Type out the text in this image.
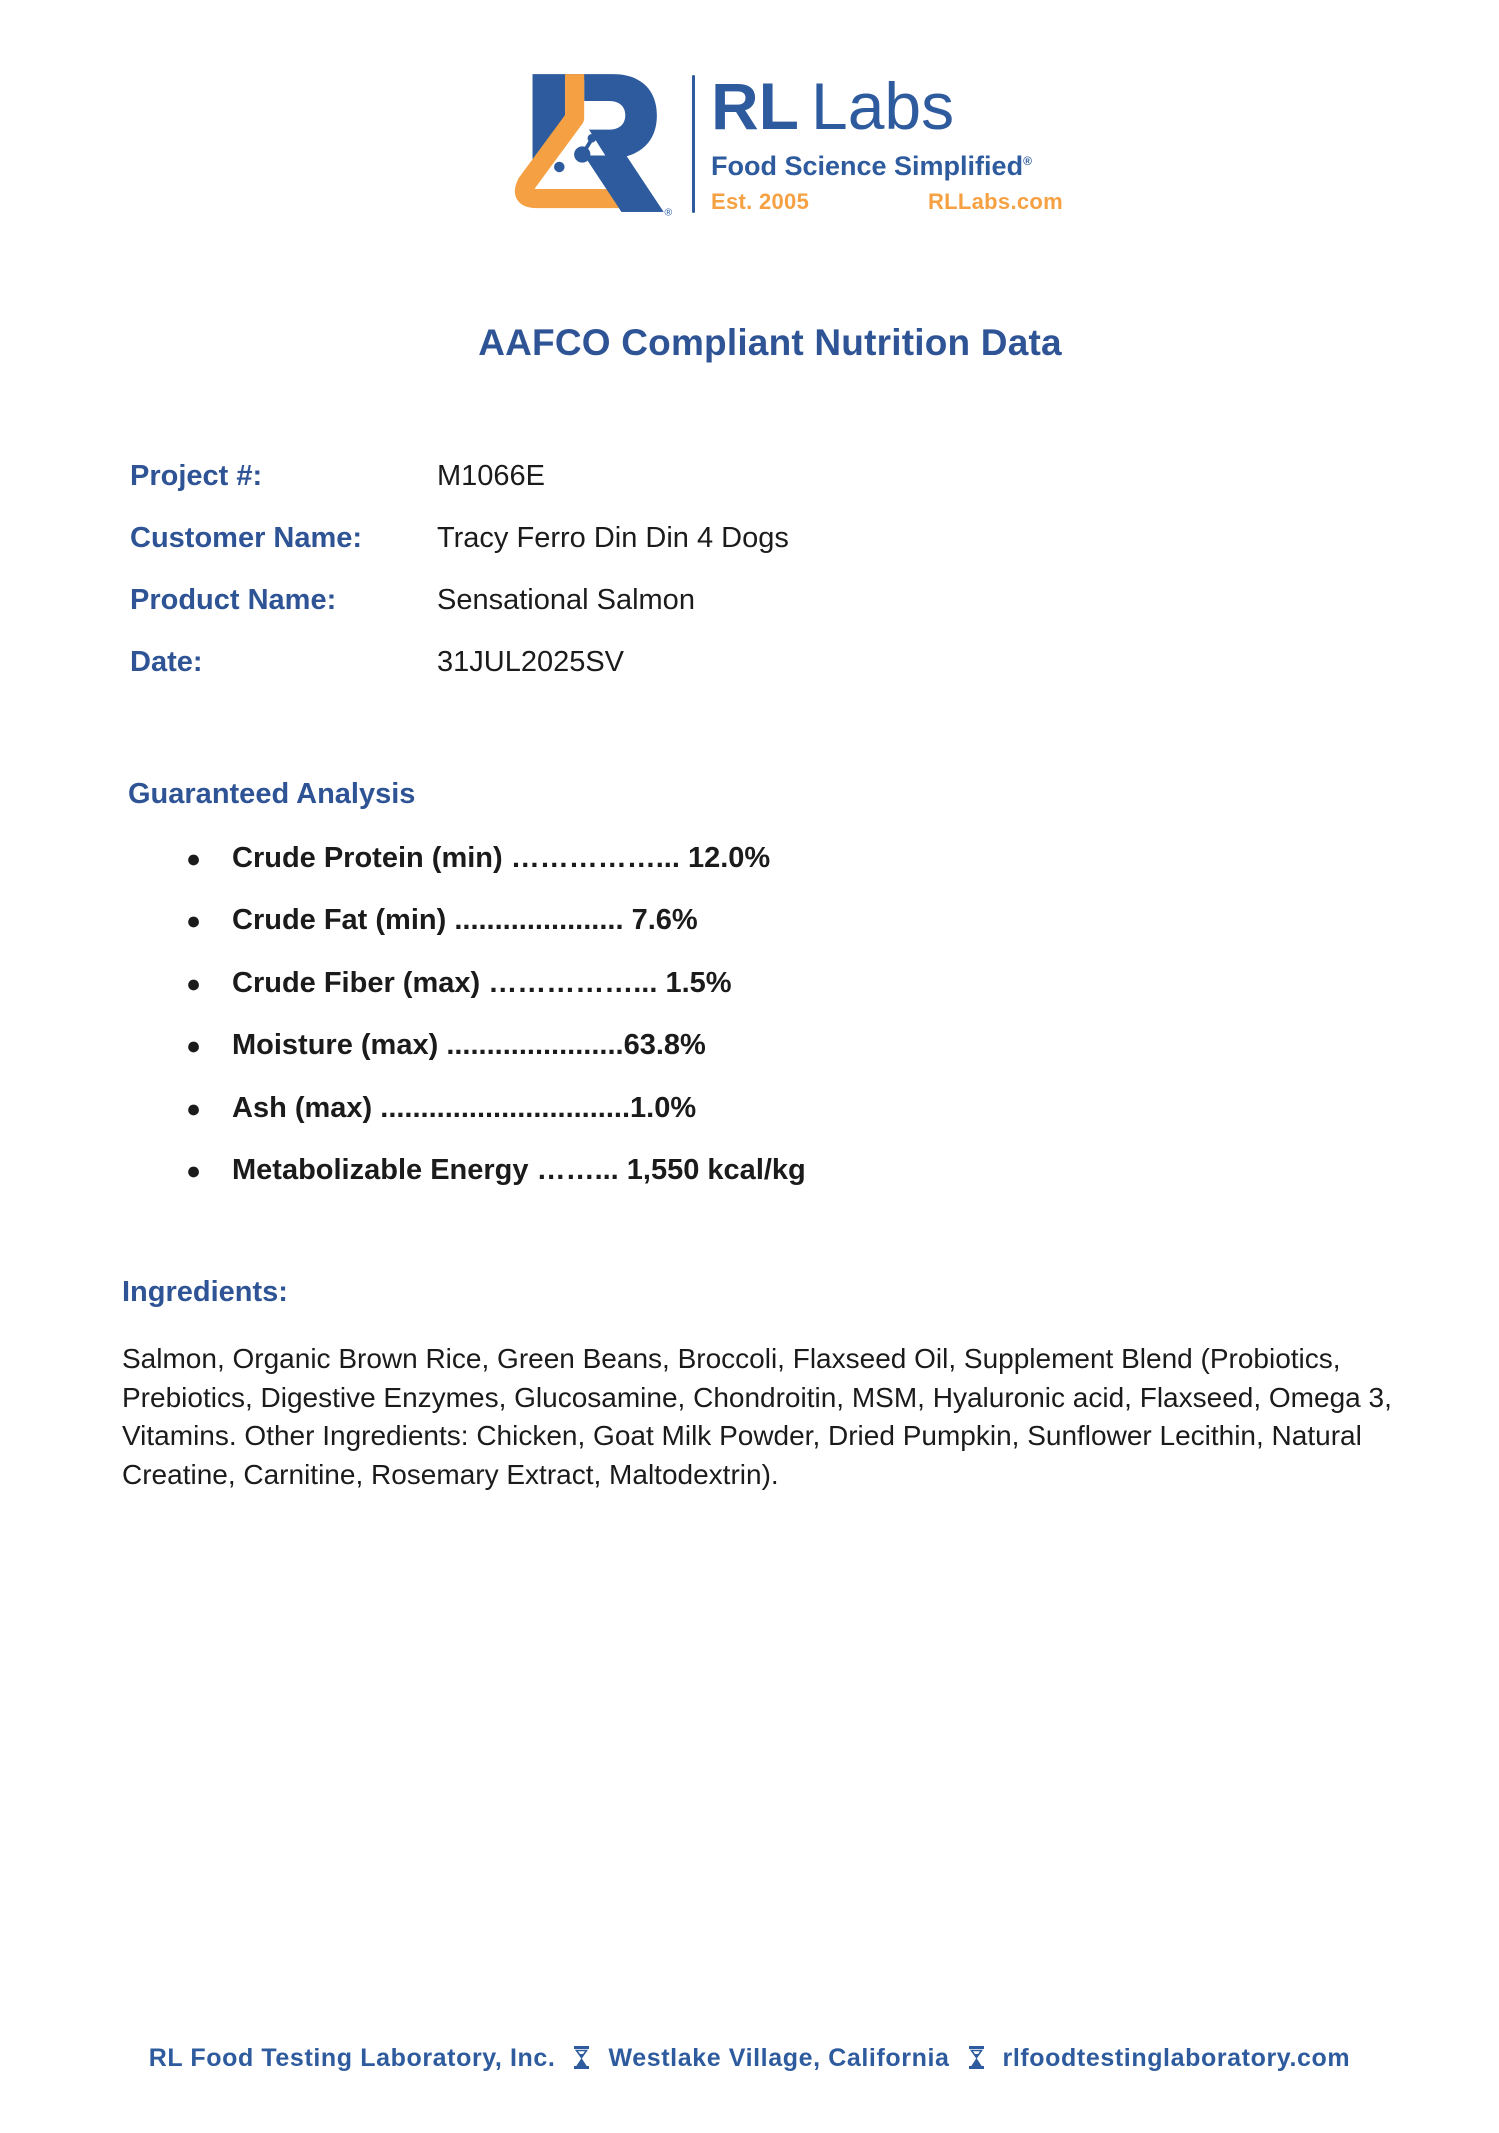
®
RL Labs
Food Science Simplified®
Est. 2005	RLLabs.com
AAFCO Compliant Nutrition Data
Project #:	M1066E
Customer Name:	Tracy Ferro Din Din 4 Dogs
Product Name:	Sensational Salmon
Date:	31JUL2025SV
Guaranteed Analysis
●	Crude Protein (min) ……………... 12.0%
●	Crude Fat (min) ..................... 7.6%
●	Crude Fiber (max) ……………... 1.5%
●	Moisture (max) ......................63.8%
●	Ash (max) ...............................1.0%
●	Metabolizable Energy ……... 1,550 kcal/kg
Ingredients:
Salmon, Organic Brown Rice, Green Beans, Broccoli, Flaxseed Oil, Supplement Blend (Probiotics, Prebiotics, Digestive Enzymes, Glucosamine, Chondroitin, MSM, Hyaluronic acid, Flaxseed, Omega 3, Vitamins. Other Ingredients: Chicken, Goat Milk Powder, Dried Pumpkin, Sunflower Lecithin, Natural Creatine, Carnitine, Rosemary Extract, Maltodextrin).
RL Food Testing Laboratory, Inc. Westlake Village, California rlfoodtestinglaboratory.com
